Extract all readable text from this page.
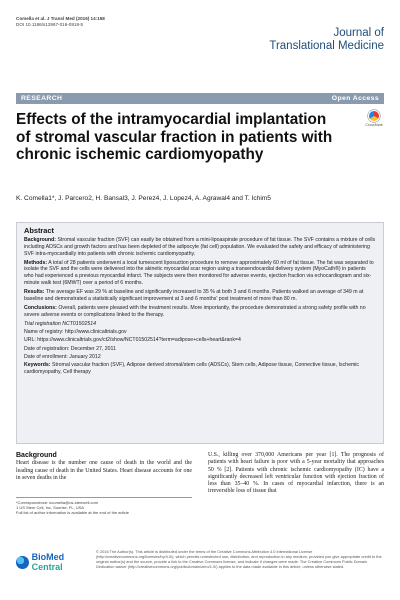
Comella et al. J Transl Med (2016) 14:158
DOI 10.1186/s12967-016-0918-5
Journal of
Translational Medicine
RESEARCH	Open Access
Effects of the intramyocardial implantation of stromal vascular fraction in patients with chronic ischemic cardiomyopathy
CrossMark
K. Comella1*, J. Parcero2, H. Bansal3, J. Perez4, J. Lopez4, A. Agrawal4 and T. Ichim5
Abstract

Background: Stromal vascular fraction (SVF) can easily be obtained from a mini-lipoaspirate procedure of fat tissue. The SVF contains a mixture of cells including ADSCs and growth factors and has been depleted of the adipocyte (fat cell) population. We evaluated the safety and efficacy of administering SVF intra-myocardially into patients with chronic ischemic cardiomyopathy.

Methods: A total of 28 patients underwent a local tumescent liposuction procedure to remove approximately 60 ml of fat tissue. The fat was separated to isolate the SVF and the cells were delivered into the akinetic myocardial scar region using a transendocardial delivery system (MyoCath®) in patients who had experienced a previous myocardial infarct. The subjects were then monitored for adverse events, ejection fraction via echocardiogram and six-minute walk test (6MWT) over a period of 6 months.

Results: The average EF was 29 % at baseline and significantly increased to 35 % at both 3 and 6 months. Patients walked an average of 349 m at baseline and demonstrated a statistically significant improvement at 3 and 6 months' post treatment of more than 80 m.

Conclusions: Overall, patients were pleased with the treatment results. More importantly, the procedure demonstrated a strong safety profile with no severe adverse events or complications linked to the therapy.

Trial registration NCT01502514

Name of registry: http://www.clinicaltrials.gov

URL: https://www.clinicaltrials.gov/ct2/show/NCT01502514?term=adipose+cells+heart&rank=4

Date of registration: December 27, 2011

Date of enrollment: January 2012

Keywords: Stromal vascular fraction (SVF), Adipose derived stromal/stem cells (ADSCs), Stem cells, Adipose tissue, Connective tissue, Ischemic cardiomyopathy, Cell therapy

Background

Heart disease is the number one cause of death in the world and the leading cause of death in the United States. Heart disease accounts for one in seven deaths in the

U.S., killing over 370,000 Americans per year [1]. The prognosis of patients with heart failure is poor with a 5-year mortality that approaches 50 % [2]. Patients with chronic ischemic cardiomyopathy (IC) have a significantly decreased left ventricular function with ejection fraction of less than 35–40 %. In cases of myocardial infarction, there is an irreversible loss of tissue that

*Correspondence: kcomella@us-stemcell.com
1 US Stem Cell, Inc, Sunrise, FL, USA
Full list of author information is available at the end of the article
BioMed Central
© 2016 The Author(s). This article is distributed under the terms of the Creative Commons Attribution 4.0 International License (http://creativecommons.org/licenses/by/4.0/), which permits unrestricted use, distribution, and reproduction in any medium, provided you give appropriate credit to the original author(s) and the source, provide a link to the Creative Commons license, and indicate if changes were made. The Creative Commons Public Domain Dedication waiver (http://creativecommons.org/publicdomain/zero/1.0/) applies to the data made available in this article, unless otherwise stated.
